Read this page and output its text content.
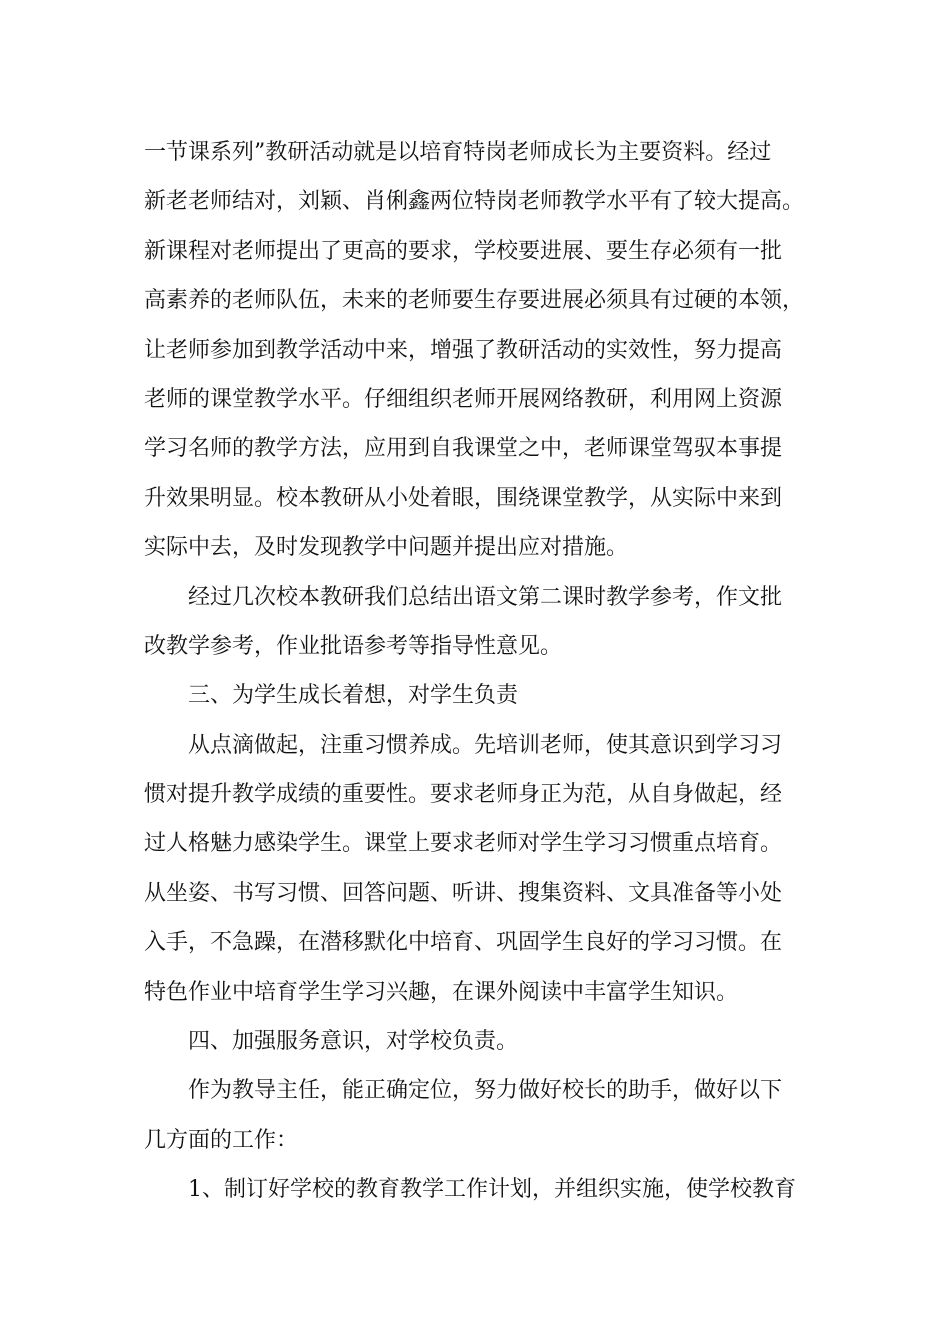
一节课系列”教研活动就是以培育特岗老师成长为主要资料。经过
新老老师结对，刘颖、肖俐鑫两位特岗老师教学水平有了较大提高。
新课程对老师提出了更高的要求，学校要进展、要生存必须有一批
高素养的老师队伍，未来的老师要生存要进展必须具有过硬的本领，
让老师参加到教学活动中来，增强了教研活动的实效性，努力提高
老师的课堂教学水平。仔细组织老师开展网络教研，利用网上资源
学习名师的教学方法，应用到自我课堂之中，老师课堂驾驭本事提
升效果明显。校本教研从小处着眼，围绕课堂教学，从实际中来到
实际中去，及时发现教学中问题并提出应对措施。
经过几次校本教研我们总结出语文第二课时教学参考，作文批
改教学参考，作业批语参考等指导性意见。
三、为学生成长着想，对学生负责
从点滴做起，注重习惯养成。先培训老师，使其意识到学习习
惯对提升教学成绩的重要性。要求老师身正为范，从自身做起，经
过人格魅力感染学生。课堂上要求老师对学生学习习惯重点培育。
从坐姿、书写习惯、回答问题、听讲、搜集资料、文具准备等小处
入手，不急躁，在潜移默化中培育、巩固学生良好的学习习惯。在
特色作业中培育学生学习兴趣，在课外阅读中丰富学生知识。
四、加强服务意识，对学校负责。
作为教导主任，能正确定位，努力做好校长的助手，做好以下
几方面的工作：
1、制订好学校的教育教学工作计划，并组织实施，使学校教育
